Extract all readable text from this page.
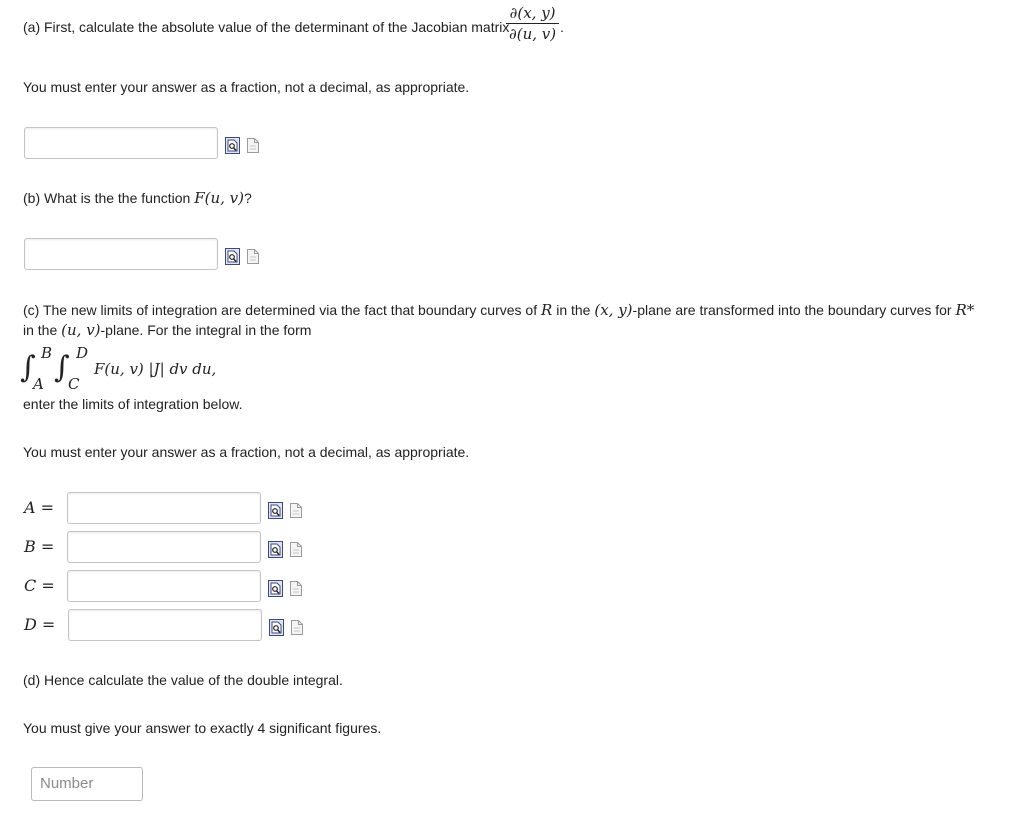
(a) First, calculate the absolute value of the determinant of the Jacobian matrix
$\frac{\partial(x, y)}{\partial(u, v)}$ .
You must enter your answer as a fraction, not a decimal, as appropriate.
(b) What is the the function F(u, v)?
(c) The new limits of integration are determined via the fact that boundary curves of R in the (x, y)-plane are transformed into the boundary curves for R*
in the (u, v)-plane. For the integral in the form
∫ B
A ∫ D
C
F(u, v) |J| dv du,
enter the limits of integration below.
You must enter your answer as a fraction, not a decimal, as appropriate.
A =
B =
C =
D =
(d) Hence calculate the value of the double integral.
You must give your answer to exactly 4 significant figures.
Number
